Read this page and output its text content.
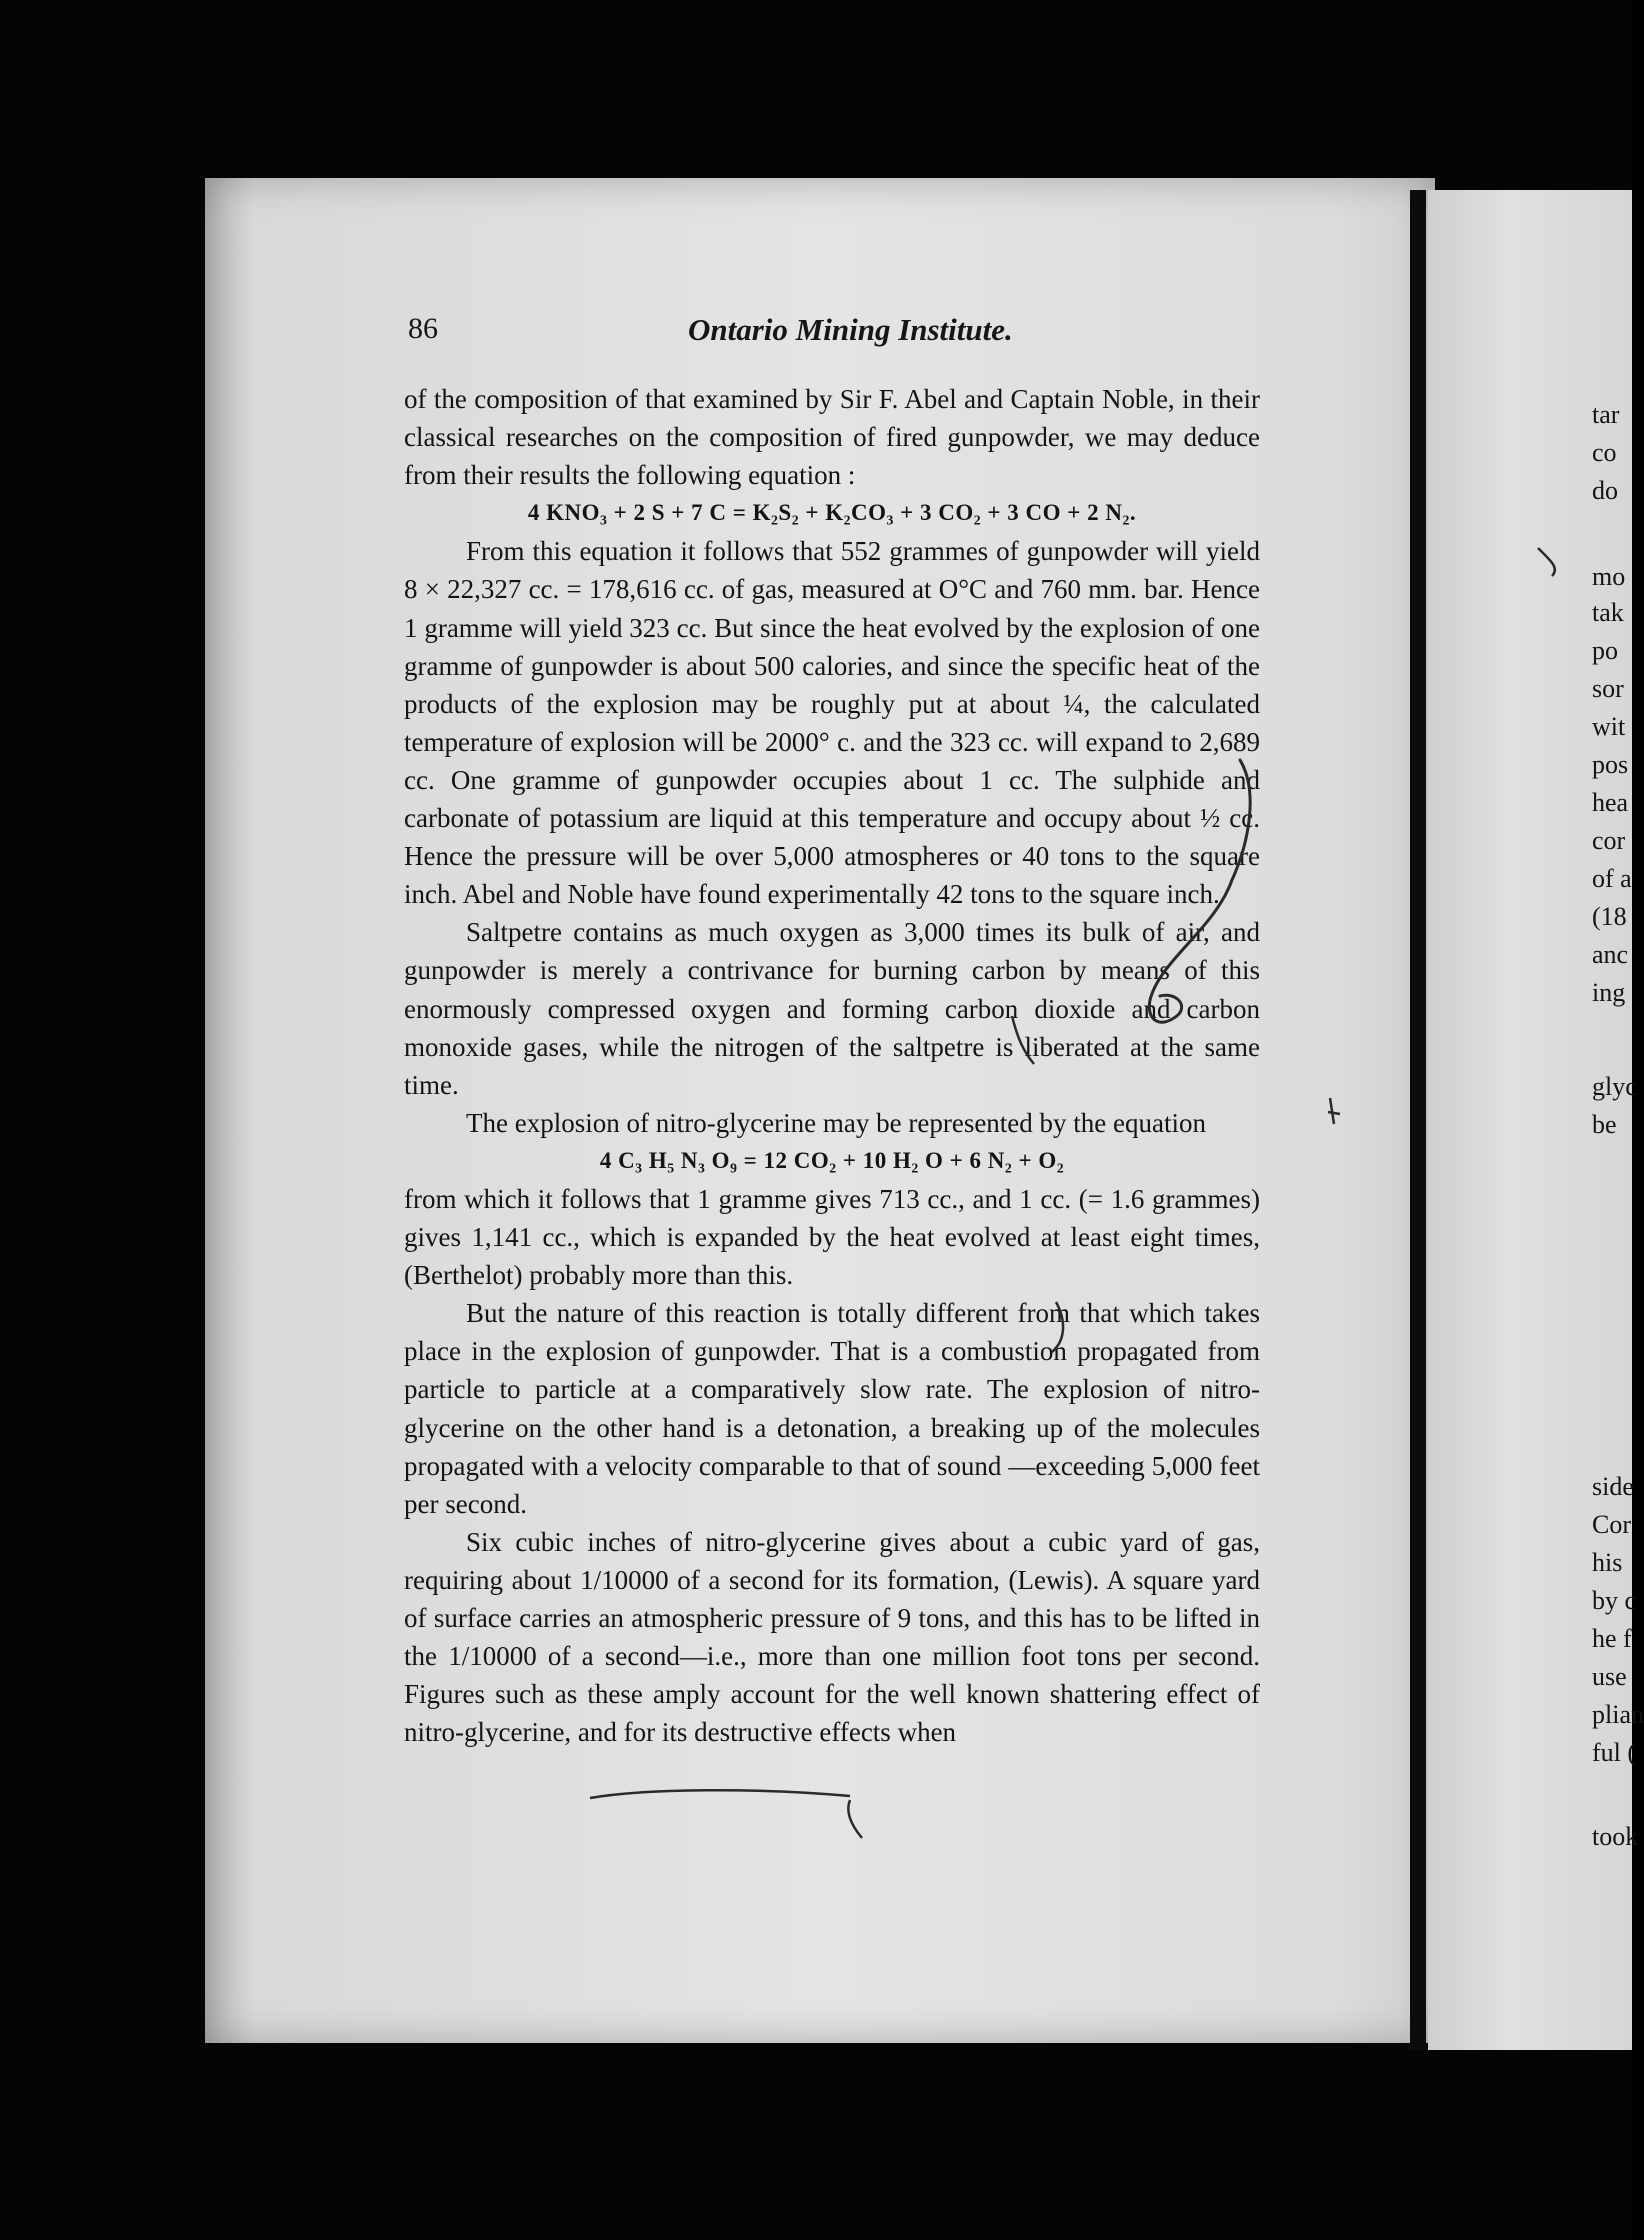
86	Ontario Mining Institute.

of the composition of that examined by Sir F. Abel and Captain Noble, in their classical researches on the composition of fired gunpowder, we may deduce from their results the following equation :

4 KNO₃ + 2 S + 7 C = K₂S₂ + K₂CO₃ + 3 CO₂ + 3 CO + 2 N₂.

From this equation it follows that 552 grammes of gunpowder will yield 8 × 22,327 cc. = 178,616 cc. of gas, measured at O°C and 760 mm. bar. Hence 1 gramme will yield 323 cc. But since the heat evolved by the explosion of one gramme of gunpowder is about 500 calories, and since the specific heat of the products of the explosion may be roughly put at about ¼, the calculated temperature of explosion will be 2000° c. and the 323 cc. will expand to 2,689 cc. One gramme of gunpowder occupies about 1 cc. The sulphide and carbonate of potassium are liquid at this temperature and occupy about ½ cc. Hence the pressure will be over 5,000 atmospheres or 40 tons to the square inch. Abel and Noble have found experimentally 42 tons to the square inch.

Saltpetre contains as much oxygen as 3,000 times its bulk of air, and gunpowder is merely a contrivance for burning carbon by means of this enormously compressed oxygen and forming carbon dioxide and carbon monoxide gases, while the nitrogen of the saltpetre is liberated at the same time.

The explosion of nitro-glycerine may be represented by the equation

4 C₃ H₅ N₃ O₉ = 12 CO₂ + 10 H₂ O + 6 N₂ + O₂

from which it follows that 1 gramme gives 713 cc., and 1 cc. (= 1.6 grammes) gives 1,141 cc., which is expanded by the heat evolved at least eight times, (Berthelot) probably more than this.

But the nature of this reaction is totally different from that which takes place in the explosion of gunpowder. That is a combustion propagated from particle to particle at a comparatively slow rate. The explosion of nitro-glycerine on the other hand is a detonation, a breaking up of the molecules propagated with a velocity comparable to that of sound —exceeding 5,000 feet per second.

Six cubic inches of nitro-glycerine gives about a cubic yard of gas, requiring about 1/10000 of a second for its formation, (Lewis). A square yard of surface carries an atmospheric pressure of 9 tons, and this has to be lifted in the 1/10000 of a second—i.e., more than one million foot tons per second. Figures such as these amply account for the well known shattering effect of nitro-glycerine, and for its destructive effects when

tar
co
do
mo
tak
po
sor
wit
pos
hea
cor
of a
(18
anc
ing
glyc
be
side
Cor
his
by c
he f
use
plian
ful (
took
